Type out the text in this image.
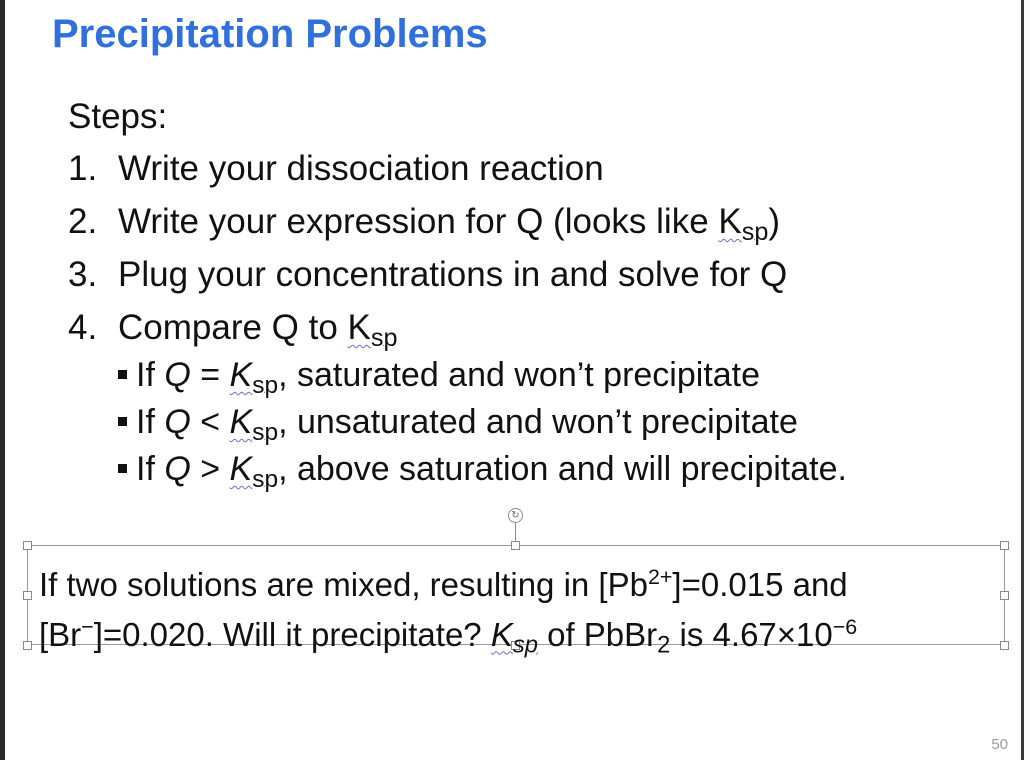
Precipitation Problems
Steps:
1. Write your dissociation reaction
2. Write your expression for Q (looks like $K_{sp}$)
3. Plug your concentrations in and solve for Q
4. Compare Q to $K_{sp}$
If $Q = K_{sp}$, saturated and won’t precipitate
If $Q < K_{sp}$, unsaturated and won’t precipitate
If $Q > K_{sp}$, above saturation and will precipitate.
↻
If two solutions are mixed, resulting in $[Pb^{2+}]=0.015$ and
[Br−]=0.020. Will it precipitate? $K_{sp}$ of PbBr$_2$ is $4.67\times 10^{-6}$
50
